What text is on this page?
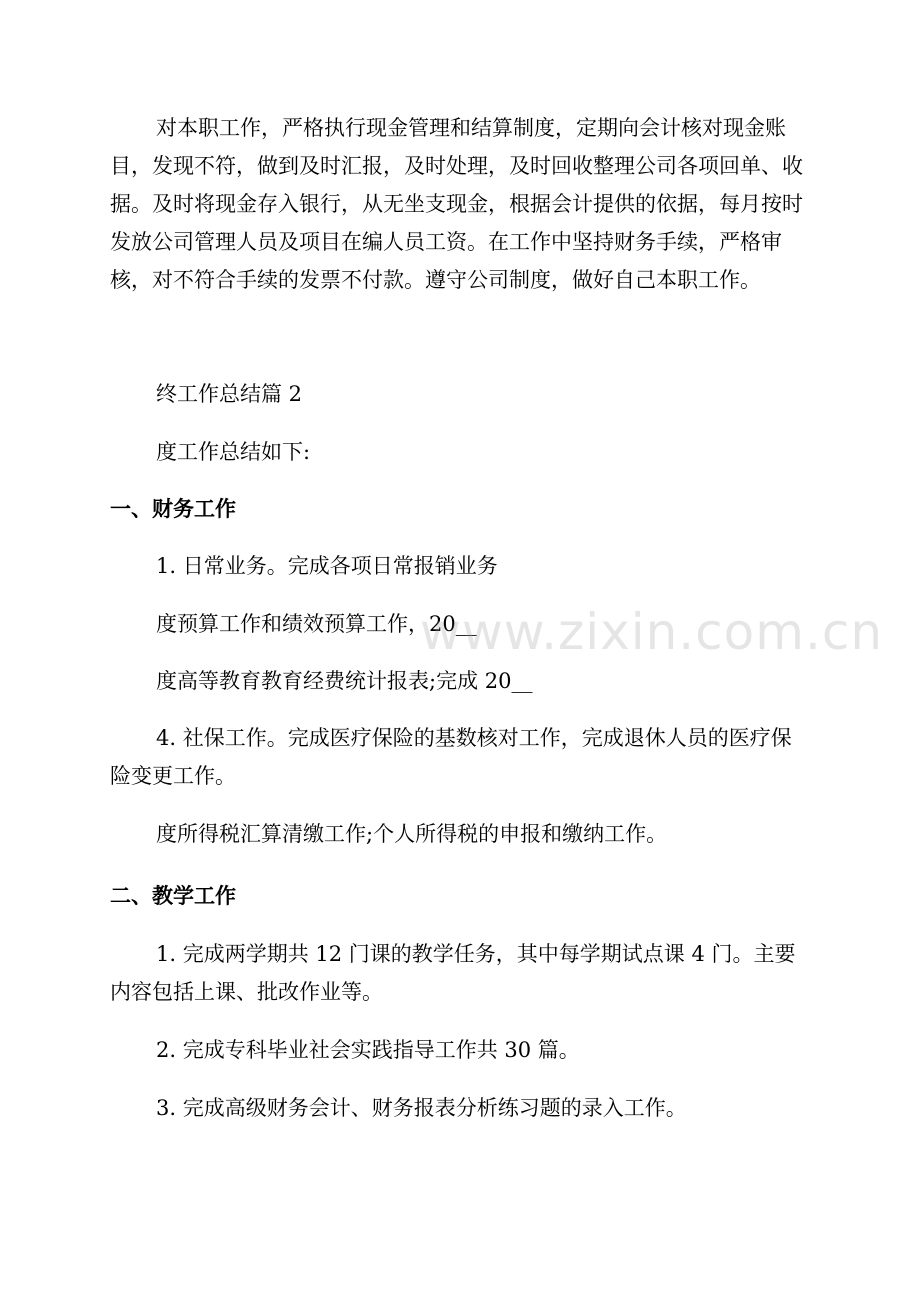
对本职工作，严格执行现金管理和结算制度，定期向会计核对现金账目，发现不符，做到及时汇报，及时处理，及时回收整理公司各项回单、收据。及时将现金存入银行，从无坐支现金，根据会计提供的依据，每月按时发放公司管理人员及项目在编人员工资。在工作中坚持财务手续，严格审核，对不符合手续的发票不付款。遵守公司制度，做好自己本职工作。

终工作总结篇 2

度工作总结如下:

一、财务工作

1. 日常业务。完成各项日常报销业务

度预算工作和绩效预算工作，20__

度高等教育教育经费统计报表;完成 20__

4. 社保工作。完成医疗保险的基数核对工作，完成退休人员的医疗保险变更工作。

度所得税汇算清缴工作;个人所得税的申报和缴纳工作。

二、教学工作

1. 完成两学期共 12 门课的教学任务，其中每学期试点课 4 门。主要内容包括上课、批改作业等。

2. 完成专科毕业社会实践指导工作共 30 篇。

3. 完成高级财务会计、财务报表分析练习题的录入工作。

www.zixin.com.cn
